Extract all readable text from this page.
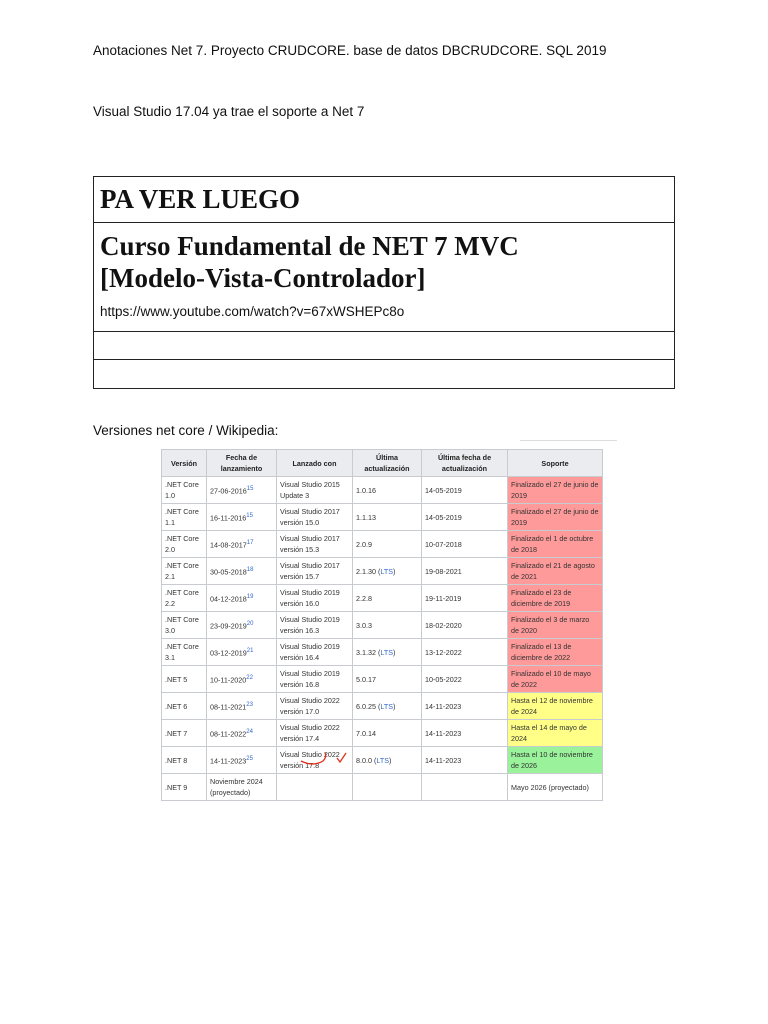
Anotaciones Net 7. Proyecto CRUDCORE. base de datos DBCRUDCORE. SQL 2019
Visual Studio 17.04 ya trae el soporte a Net 7
PA VER LUEGO
Curso Fundamental de NET 7 MVC
[Modelo-Vista-Controlador]
https://www.youtube.com/watch?v=67xWSHEPc8o
Versiones net core / Wikipedia:
Versión	Fecha de lanzamiento	Lanzado con	Última actualización	Última fecha de actualización	Soporte
.NET Core 1.0	27-06-2016$^{15}$	Visual Studio 2015 Update 3	1.0.16	14-05-2019	Finalizado el 27 de junio de 2019
.NET Core 1.1	16-11-2016$^{15}$	Visual Studio 2017 versión 15.0	1.1.13	14-05-2019	Finalizado el 27 de junio de 2019
.NET Core 2.0	14-08-2017$^{17}$	Visual Studio 2017 versión 15.3	2.0.9	10-07-2018	Finalizado el 1 de octubre de 2018
.NET Core 2.1	30-05-2018$^{18}$	Visual Studio 2017 versión 15.7	2.1.30 (LTS)	19-08-2021	Finalizado el 21 de agosto de 2021
.NET Core 2.2	04-12-2018$^{19}$	Visual Studio 2019 versión 16.0	2.2.8	19-11-2019	Finalizado el 23 de diciembre de 2019
.NET Core 3.0	23-09-2019$^{20}$	Visual Studio 2019 versión 16.3	3.0.3	18-02-2020	Finalizado el 3 de marzo de 2020
.NET Core 3.1	03-12-2019$^{21}$	Visual Studio 2019 versión 16.4	3.1.32 (LTS)	13-12-2022	Finalizado el 13 de diciembre de 2022
.NET 5	10-11-2020$^{22}$	Visual Studio 2019 versión 16.8	5.0.17	10-05-2022	Finalizado el 10 de mayo de 2022
.NET 6	08-11-2021$^{23}$	Visual Studio 2022 versión 17.0	6.0.25 (LTS)	14-11-2023	Hasta el 12 de noviembre de 2024
.NET 7	08-11-2022$^{24}$	Visual Studio 2022 versión 17.4	7.0.14	14-11-2023	Hasta el 14 de mayo de 2024
.NET 8	14-11-2023$^{25}$	Visual Studio 2022 versión 17.8	8.0.0 (LTS)	14-11-2023	Hasta el 10 de noviembre de 2026
.NET 9	Noviembre 2024 (proyectado)				Mayo 2026 (proyectado)
